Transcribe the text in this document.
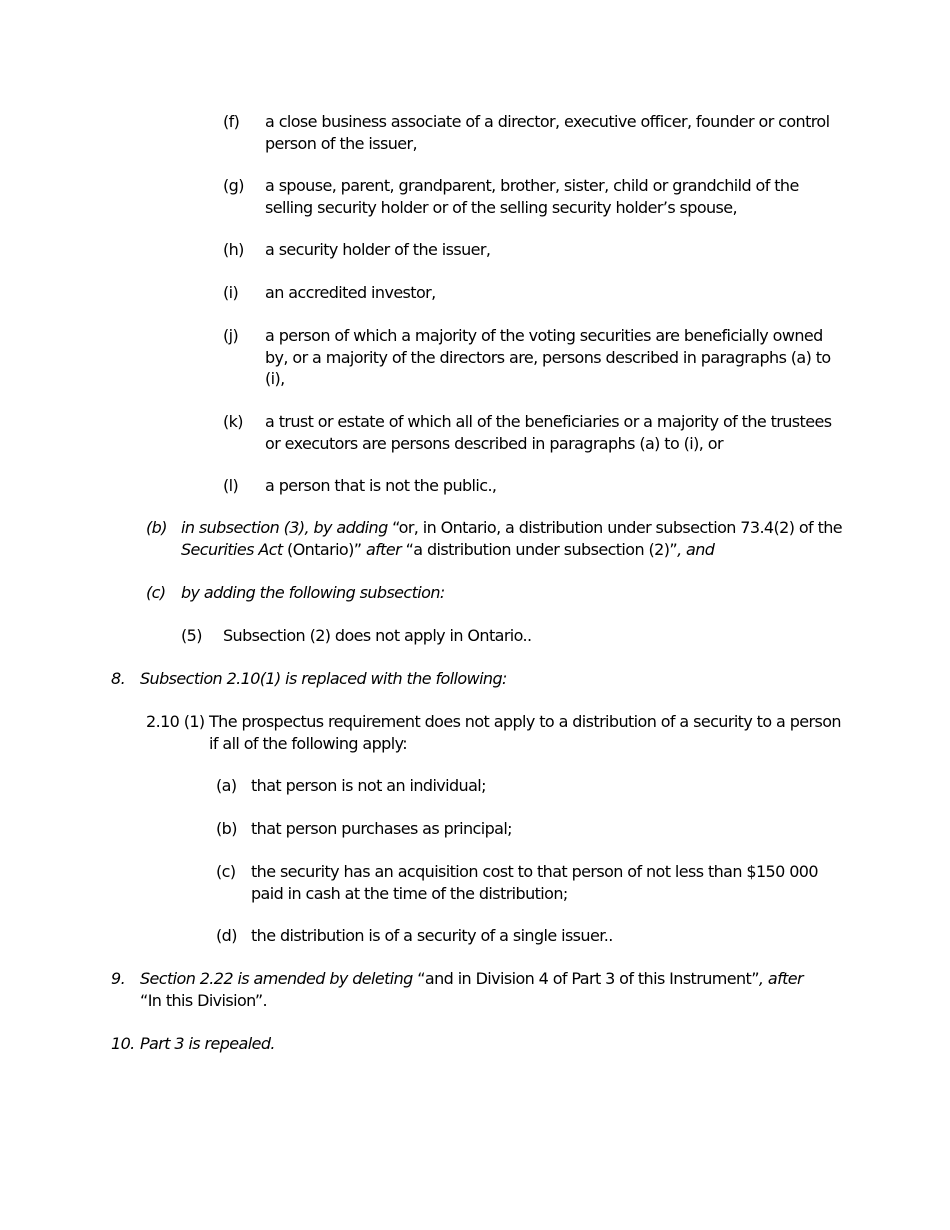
(f) a close business associate of a director, executive officer, founder or control person of the issuer,
(g) a spouse, parent, grandparent, brother, sister, child or grandchild of the selling security holder or of the selling security holder’s spouse,
(h) a security holder of the issuer,
(i) an accredited investor,
(j) a person of which a majority of the voting securities are beneficially owned by, or a majority of the directors are, persons described in paragraphs (a) to (i),
(k) a trust or estate of which all of the beneficiaries or a majority of the trustees or executors are persons described in paragraphs (a) to (i), or
(l) a person that is not the public.,
(b) in subsection (3), by adding “or, in Ontario, a distribution under subsection 73.4(2) of the Securities Act (Ontario)” after “a distribution under subsection (2)”, and
(c) by adding the following subsection:
(5) Subsection (2) does not apply in Ontario..
8. Subsection 2.10(1) is replaced with the following:
2.10 (1) The prospectus requirement does not apply to a distribution of a security to a person if all of the following apply:
(a) that person is not an individual;
(b) that person purchases as principal;
(c) the security has an acquisition cost to that person of not less than $150 000 paid in cash at the time of the distribution;
(d) the distribution is of a security of a single issuer..
9. Section 2.22 is amended by deleting “and in Division 4 of Part 3 of this Instrument”, after
“In this Division”.
10. Part 3 is repealed.
